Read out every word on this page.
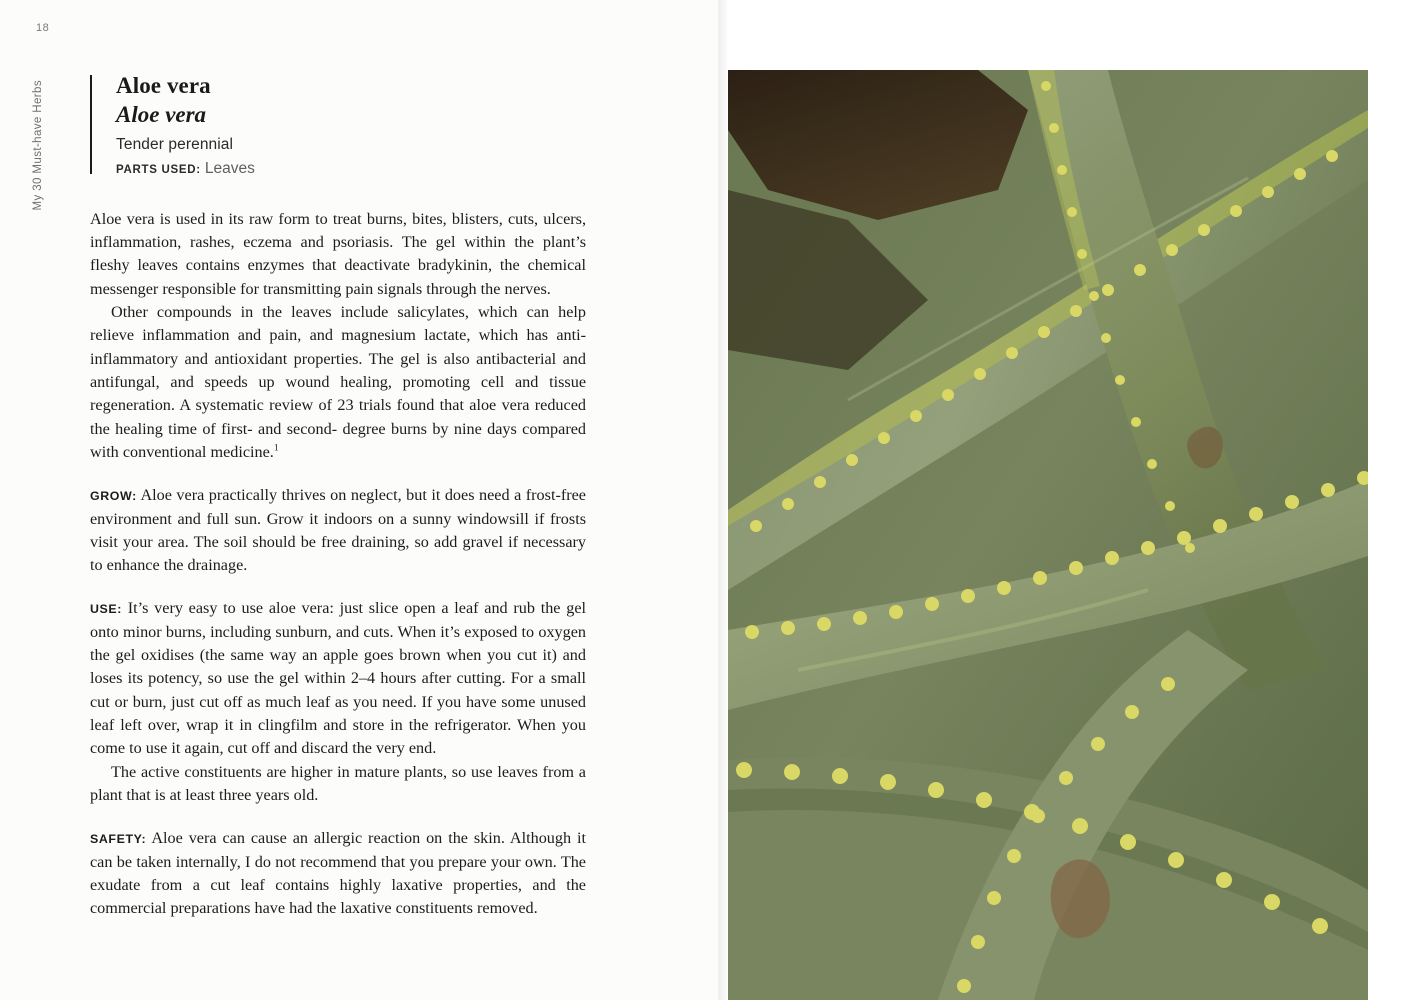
18
My 30 Must-have Herbs	Aloe vera
Aloe vera
Tender perennial
PARTS USED: Leaves

Aloe vera is used in its raw form to treat burns, bites, blisters, cuts, ulcers, inflammation, rashes, eczema and psoriasis. The gel within the plant’s fleshy leaves contains enzymes that deactivate bradykinin, the chemical messenger responsible for transmitting pain signals through the nerves.

Other compounds in the leaves include salicylates, which can help relieve inflammation and pain, and magnesium lactate, which has anti-inflammatory and antioxidant properties. The gel is also antibacterial and antifungal, and speeds up wound healing, promoting cell and tissue regeneration. A systematic review of 23 trials found that aloe vera reduced the healing time of first- and second- degree burns by nine days compared with conventional medicine.$^1$

GROW: Aloe vera practically thrives on neglect, but it does need a frost-free environment and full sun. Grow it indoors on a sunny windowsill if frosts visit your area. The soil should be free draining, so add gravel if necessary to enhance the drainage.

USE: It’s very easy to use aloe vera: just slice open a leaf and rub the gel onto minor burns, including sunburn, and cuts. When it’s exposed to oxygen the gel oxidises (the same way an apple goes brown when you cut it) and loses its potency, so use the gel within 2–4 hours after cutting. For a small cut or burn, just cut off as much leaf as you need. If you have some unused leaf left over, wrap it in clingfilm and store in the refrigerator. When you come to use it again, cut off and discard the very end.

The active constituents are higher in mature plants, so use leaves from a plant that is at least three years old.

SAFETY: Aloe vera can cause an allergic reaction on the skin. Although it can be taken internally, I do not recommend that you prepare your own. The exudate from a cut leaf contains highly laxative properties, and the commercial preparations have had the laxative constituents removed.
